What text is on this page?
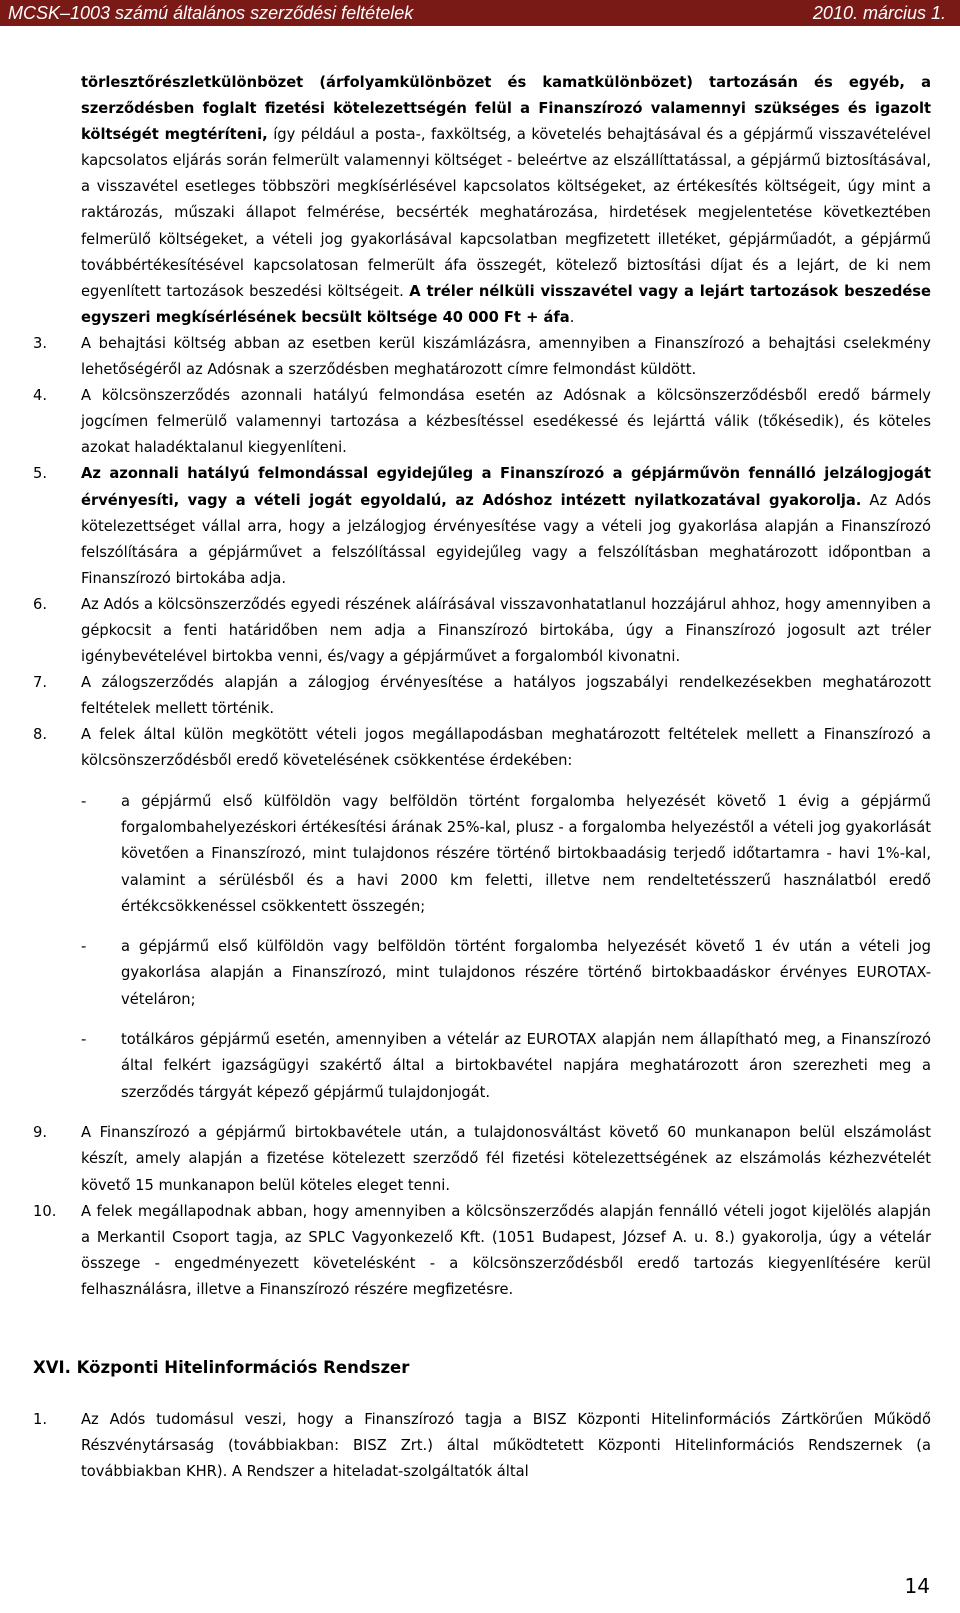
MCSK–1003 számú általános szerződési feltételek	2010. március 1.

törlesztőrészletkülönbözet (árfolyamkülönbözet és kamatkülönbözet) tartozásán és egyéb, a szerződésben foglalt fizetési kötelezettségén felül a Finanszírozó valamennyi szükséges és igazolt költségét megtéríteni, így például a posta-, faxköltség, a követelés behajtásával és a gépjármű visszavételével kapcsolatos eljárás során felmerült valamennyi költséget - beleértve az elszállíttatással, a gépjármű biztosításával, a visszavétel esetleges többszöri megkísérlésével kapcsolatos költségeket, az értékesítés költségeit, úgy mint a raktározás, műszaki állapot felmérése, becsérték meghatározása, hirdetések megjelentetése következtében felmerülő költségeket, a vételi jog gyakorlásával kapcsolatban megfizetett illetéket, gépjárműadót, a gépjármű továbbértékesítésével kapcsolatosan felmerült áfa összegét, kötelező biztosítási díjat és a lejárt, de ki nem egyenlített tartozások beszedési költségeit. A tréler nélküli visszavétel vagy a lejárt tartozások beszedése egyszeri megkísérlésének becsült költsége 40 000 Ft + áfa.

3. A behajtási költség abban az esetben kerül kiszámlázásra, amennyiben a Finanszírozó a behajtási cselekmény lehetőségéről az Adósnak a szerződésben meghatározott címre felmondást küldött.

4. A kölcsönszerződés azonnali hatályú felmondása esetén az Adósnak a kölcsönszerződésből eredő bármely jogcímen felmerülő valamennyi tartozása a kézbesítéssel esedékessé és lejárttá válik (tőkésedik), és köteles azokat haladéktalanul kiegyenlíteni.

5. Az azonnali hatályú felmondással egyidejűleg a Finanszírozó a gépjárművön fennálló jelzálogjogát érvényesíti, vagy a vételi jogát egyoldalú, az Adóshoz intézett nyilatkozatával gyakorolja. Az Adós kötelezettséget vállal arra, hogy a jelzálogjog érvényesítése vagy a vételi jog gyakorlása alapján a Finanszírozó felszólítására a gépjárművet a felszólítással egyidejűleg vagy a felszólításban meghatározott időpontban a Finanszírozó birtokába adja.

6. Az Adós a kölcsönszerződés egyedi részének aláírásával visszavonhatatlanul hozzájárul ahhoz, hogy amennyiben a gépkocsit a fenti határidőben nem adja a Finanszírozó birtokába, úgy a Finanszírozó jogosult azt tréler igénybevételével birtokba venni, és/vagy a gépjárművet a forgalomból kivonatni.

7. A zálogszerződés alapján a zálogjog érvényesítése a hatályos jogszabályi rendelkezésekben meghatározott feltételek mellett történik.

8. A felek által külön megkötött vételi jogos megállapodásban meghatározott feltételek mellett a Finanszírozó a kölcsönszerződésből eredő követelésének csökkentése érdekében:

- a gépjármű első külföldön vagy belföldön történt forgalomba helyezését követő 1 évig a gépjármű forgalombahelyezéskori értékesítési árának 25%-kal, plusz - a forgalomba helyezéstől a vételi jog gyakorlását követően a Finanszírozó, mint tulajdonos részére történő birtokbaadásig terjedő időtartamra - havi 1%-kal, valamint a sérülésből és a havi 2000 km feletti, illetve nem rendeltetésszerű használatból eredő értékcsökkenéssel csökkentett összegén;

- a gépjármű első külföldön vagy belföldön történt forgalomba helyezését követő 1 év után a vételi jog gyakorlása alapján a Finanszírozó, mint tulajdonos részére történő birtokbaadáskor érvényes EUROTAX-vételáron;

- totálkáros gépjármű esetén, amennyiben a vételár az EUROTAX alapján nem állapítható meg, a Finanszírozó által felkért igazságügyi szakértő által a birtokbavétel napjára meghatározott áron szerezheti meg a szerződés tárgyát képező gépjármű tulajdonjogát.

9. A Finanszírozó a gépjármű birtokbavétele után, a tulajdonosváltást követő 60 munkanapon belül elszámolást készít, amely alapján a fizetése kötelezett szerződő fél fizetési kötelezettségének az elszámolás kézhezvételét követő 15 munkanapon belül köteles eleget tenni.

10. A felek megállapodnak abban, hogy amennyiben a kölcsönszerződés alapján fennálló vételi jogot kijelölés alapján a Merkantil Csoport tagja, az SPLC Vagyonkezelő Kft. (1051 Budapest, József A. u. 8.) gyakorolja, úgy a vételár összege - engedményezett követelésként - a kölcsönszerződésből eredő tartozás kiegyenlítésére kerül felhasználásra, illetve a Finanszírozó részére megfizetésre.

XVI. Központi Hitelinformációs Rendszer

1. Az Adós tudomásul veszi, hogy a Finanszírozó tagja a BISZ Központi Hitelinformációs Zártkörűen Működő Részvénytársaság (továbbiakban: BISZ Zrt.) által működtetett Központi Hitelinformációs Rendszernek (a továbbiakban KHR). A Rendszer a hiteladat-szolgáltatók által

14
